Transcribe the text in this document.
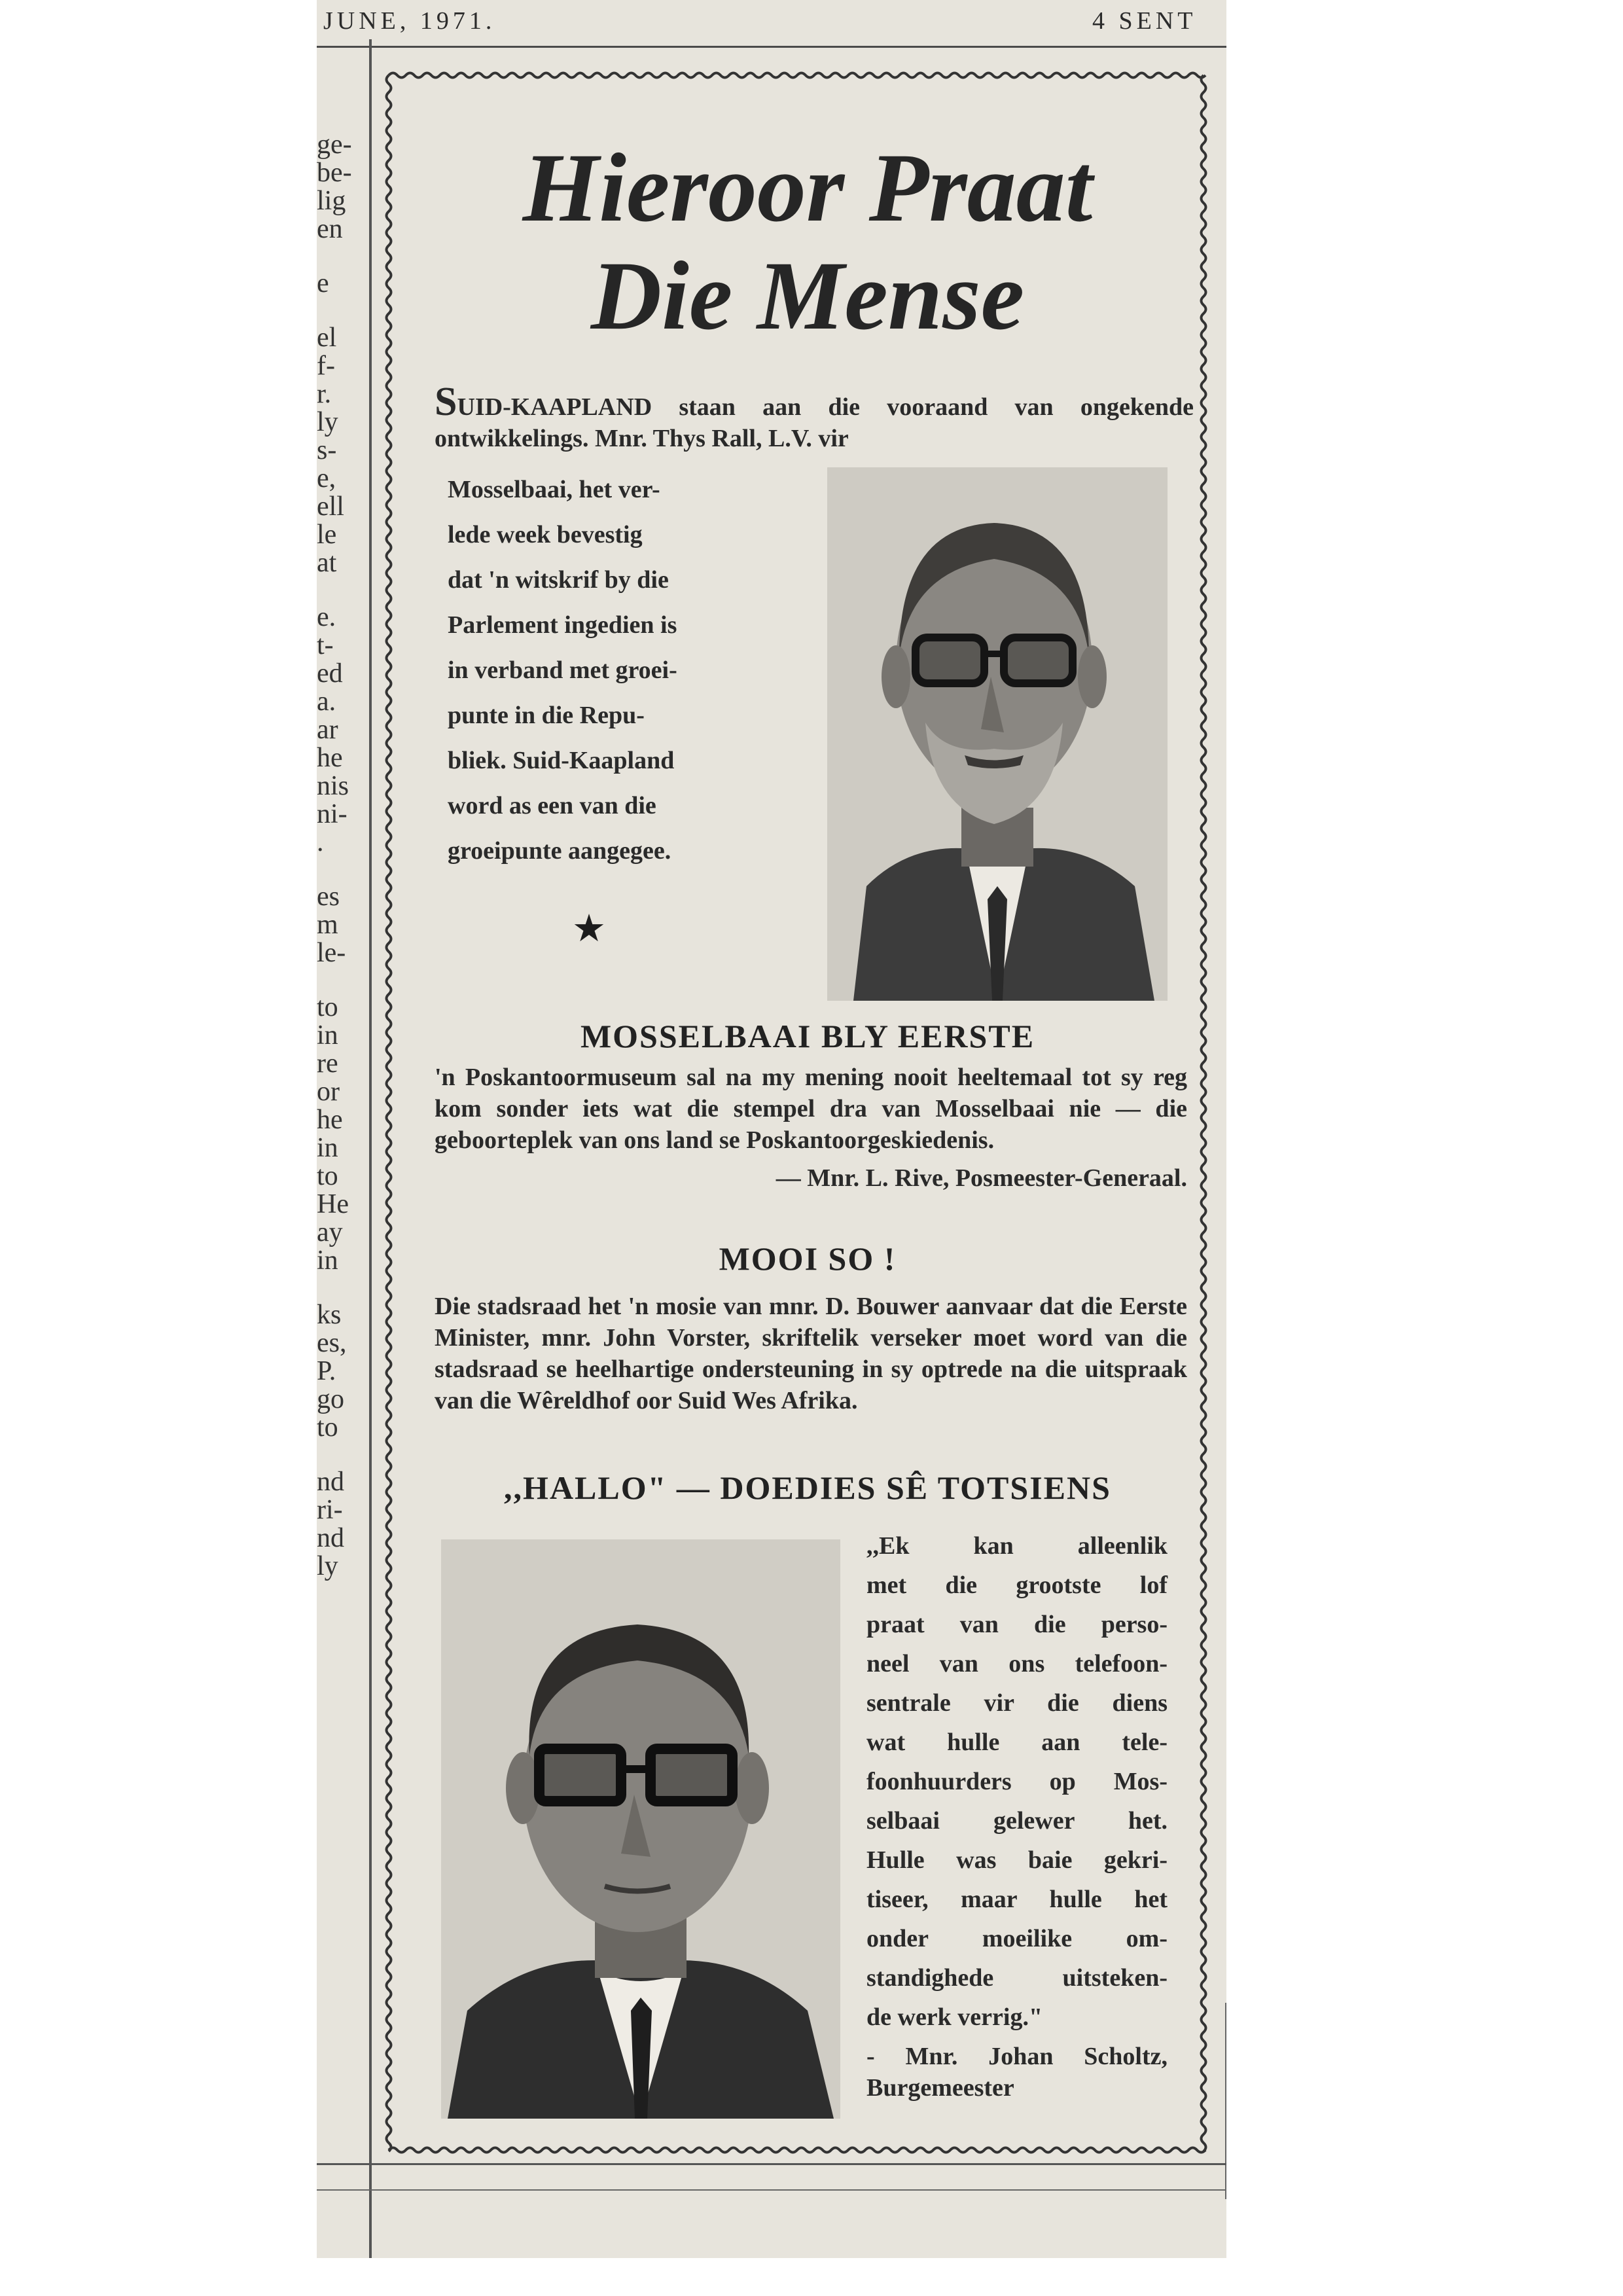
JUNE, 1971.	4 SENT
ge-
be-
lig
en
e
el
f-
r.
ly
s-
e,
ell
le
at
e.
t-
ed
a.
ar
he
nis
ni-
.
es
m
le-
to
in
re
or
he
in
to
He
ay
in
ks
es,
P.
go
to
nd
ri-
nd
ly
Hieroor Praat
Die Mense

SUID-KAAPLAND staan aan die vooraand van ongekende ontwikkelings. Mnr. Thys Rall, L.V. vir

Mosselbaai, het ver-
lede week bevestig
dat 'n witskrif by die
Parlement ingedien is
in verband met groei-
punte in die Repu-
bliek. Suid-Kaapland
word as een van die
groeipunte aangegee.
★
MOSSELBAAI BLY EERSTE

'n Poskantoormuseum sal na my mening nooit heeltemaal tot sy reg kom sonder iets wat die stempel dra van Mosselbaai nie — die geboorteplek van ons land se Poskantoorgeskiedenis.

— Mnr. L. Rive, Posmeester-Generaal.

MOOI SO !

Die stadsraad het 'n mosie van mnr. D. Bouwer aanvaar dat die Eerste Minister, mnr. John Vorster, skriftelik verseker moet word van die stadsraad se heelhartige ondersteuning in sy optrede na die uitspraak van die Wêreldhof oor Suid Wes Afrika.

,,HALLO" — DOEDIES SÊ TOTSIENS
,,Ek kan alleenlik
met die grootste lof
praat van die perso-
neel van ons telefoon-
sentrale vir die diens
wat hulle aan tele-
foonhuurders op Mos-
selbaai gelewer het.
Hulle was baie gekri-
tiseer, maar hulle het
onder moeilike om-
standighede uitsteken-
de werk verrig."
- Mnr. Johan Scholtz,
Burgemeester
